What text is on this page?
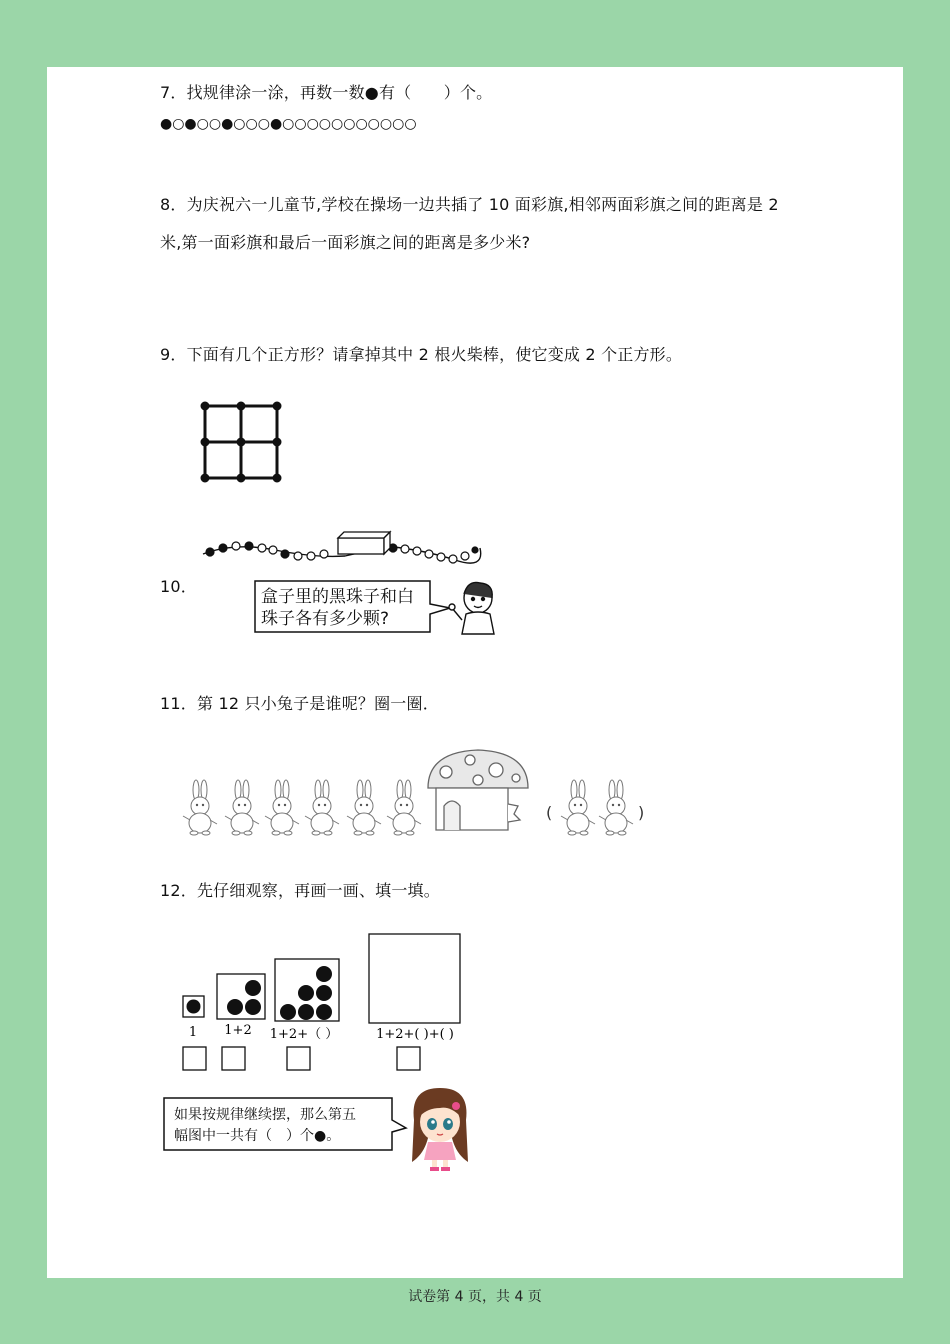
7．找规律涂一涂，再数一数●有（　　）个。
●○●○○●○○○●○○○○○○○○○○○
8．为庆祝六一儿童节,学校在操场一边共插了 10 面彩旗,相邻两面彩旗之间的距离是 2
米,第一面彩旗和最后一面彩旗之间的距离是多少米?
9．下面有几个正方形？请拿掉其中 2 根火柴棒，使它变成 2 个正方形。
10．
盒子里的黑珠子和白
珠子各有多少颗?
11．第 12 只小兔子是谁呢？圈一圈．
(	)
12．先仔细观察，再画一画、填一填。
1 1+2 1+2+（ ）	1+2+( )+( )
如果按规律继续摆，那么第五
幅图中一共有（　）个●。
试卷第 4 页，共 4 页
